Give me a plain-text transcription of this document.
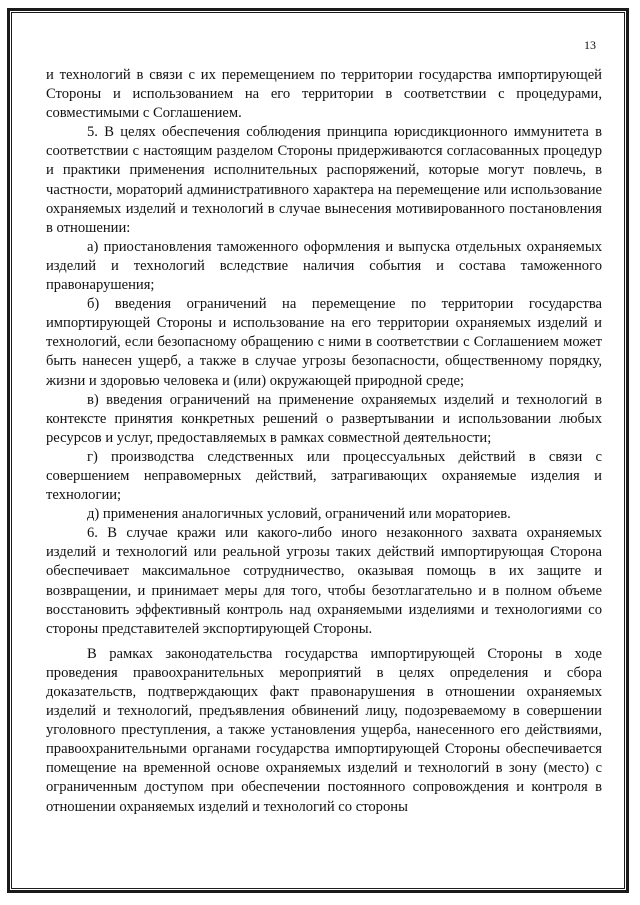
13

и технологий в связи с их перемещением по территории государства импортирующей Стороны и использованием на его территории в соответствии с процедурами, совместимыми с Соглашением.

5. В целях обеспечения соблюдения принципа юрисдикционного иммунитета в соответствии с настоящим разделом Стороны придерживаются согласованных процедур и практики применения исполнительных распоряжений, которые могут повлечь, в частности, мораторий административного характера на перемещение или использование охраняемых изделий и технологий в случае вынесения мотивированного постановления в отношении:

а) приостановления таможенного оформления и выпуска отдельных охраняемых изделий и технологий вследствие наличия события и состава таможенного правонарушения;

б) введения ограничений на перемещение по территории государства импортирующей Стороны и использование на его территории охраняемых изделий и технологий, если безопасному обращению с ними в соответствии с Соглашением может быть нанесен ущерб, а также в случае угрозы безопасности, общественному порядку, жизни и здоровью человека и (или) окружающей природной среде;

в) введения ограничений на применение охраняемых изделий и технологий в контексте принятия конкретных решений о развертывании и использовании любых ресурсов и услуг, предоставляемых в рамках совместной деятельности;

г) производства следственных или процессуальных действий в связи с совершением неправомерных действий, затрагивающих охраняемые изделия и технологии;

д) применения аналогичных условий, ограничений или мораториев.

6. В случае кражи или какого-либо иного незаконного захвата охраняемых изделий и технологий или реальной угрозы таких действий импортирующая Сторона обеспечивает максимальное сотрудничество, оказывая помощь в их защите и возвращении, и принимает меры для того, чтобы безотлагательно и в полном объеме восстановить эффективный контроль над охраняемыми изделиями и технологиями со стороны представителей экспортирующей Стороны.

В рамках законодательства государства импортирующей Стороны в ходе проведения правоохранительных мероприятий в целях определения и сбора доказательств, подтверждающих факт правонарушения в отношении охраняемых изделий и технологий, предъявления обвинений лицу, подозреваемому в совершении уголовного преступления, а также установления ущерба, нанесенного его действиями, правоохранительными органами государства импортирующей Стороны обеспечивается помещение на временной основе охраняемых изделий и технологий в зону (место) с ограниченным доступом при обеспечении постоянного сопровождения и контроля в отношении охраняемых изделий и технологий со стороны
